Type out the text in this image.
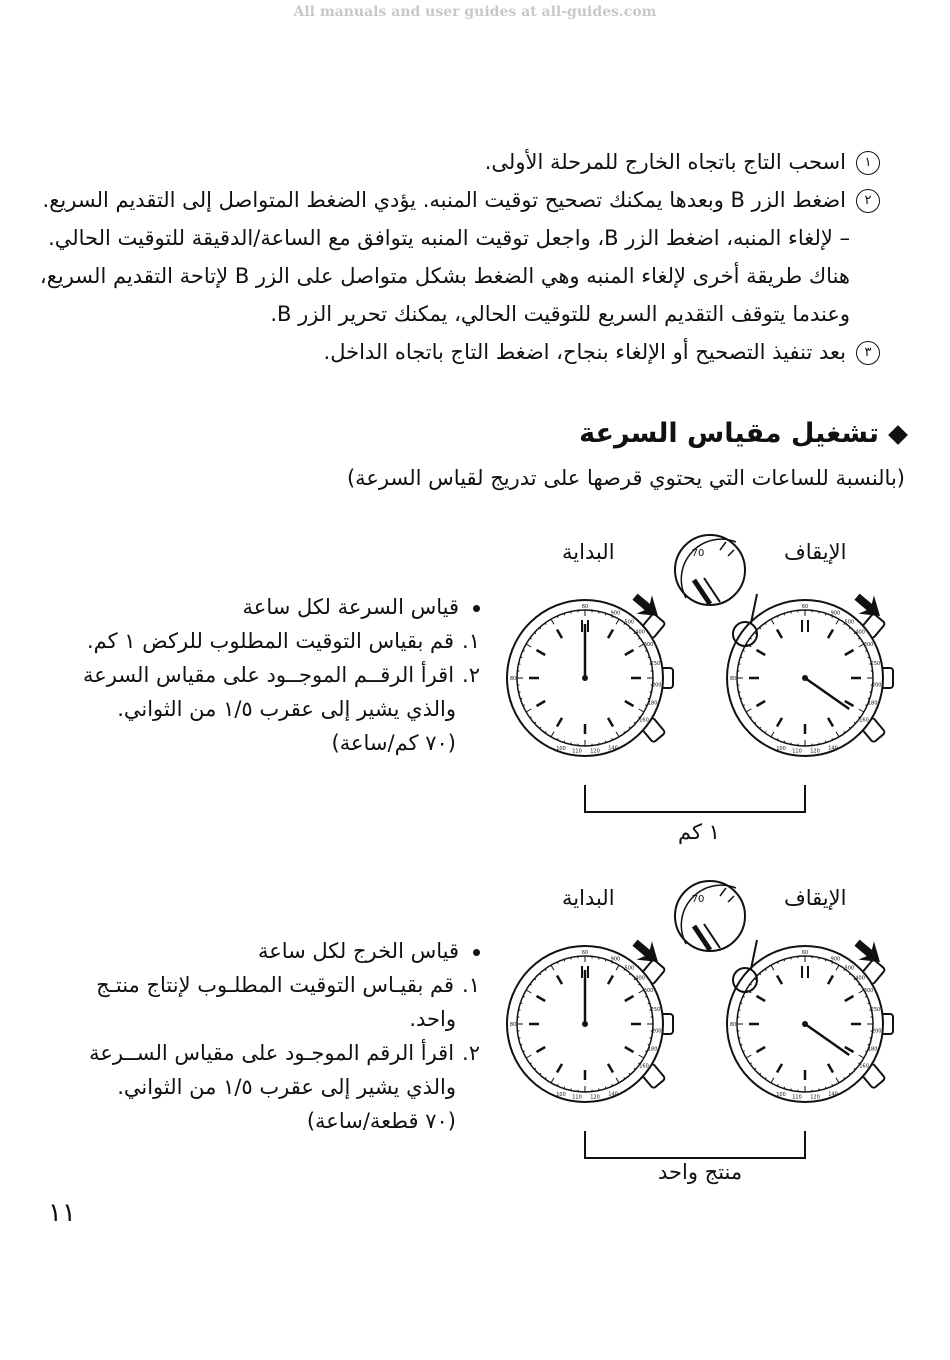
All manuals and user guides at all-guides.com
١اسحب التاج باتجاه الخارج للمرحلة الأولى.
٢اضغط الزر B وبعدها يمكنك تصحيح توقيت المنبه. يؤدي الضغط المتواصل إلى التقديم السريع.
– لإلغاء المنبه، اضغط الزر B، واجعل توقيت المنبه يتوافق مع الساعة/الدقيقة للتوقيت الحالي.
هناك طريقة أخرى لإلغاء المنبه وهي الضغط بشكل متواصل على الزر B لإتاحة التقديم السريع،
وعندما يتوقف التقديم السريع للتوقيت الحالي، يمكنك تحرير الزر B.
٣بعد تنفيذ التصحيح أو الإلغاء بنجاح، اضغط التاج باتجاه الداخل.
تشغيل مقياس السرعة
(بالنسبة للساعات التي يحتوي قرصها على تدريج لقياس السرعة)
قياس السرعة لكل ساعة
١.قم بقياس التوقيت المطلوب للركض ١ كم.
٢.اقرأ الرقــم الموجــود على مقياس السرعة
والذي يشير إلى عقرب ١/٥ من الثواني.
(٧٠ كم/ساعة)
قياس الخرج لكل ساعة
١.قم بقيـاس التوقيت المطلـوب لإنتاج منتـج
واحد.
٢.اقرأ الرقم الموجـود على مقياس الســرعة
والذي يشير إلى عقرب ١/٥ من الثواني.
(٧٠ قطعة/ساعة)
البداية	الإيقاف
١ كم
البداية	الإيقاف
منتج واحد
60
80
100 110 120 140
900
500
400
300
250
200
180
160
60
80
100 110 120 140
900
500
400
300
250
200
180
160
70
60
80
100 110 120 140
900
500
400
300
250
200
180
160
60
80
100 110 120 140
900
500
400
300
250
200
180
160
70
١١
